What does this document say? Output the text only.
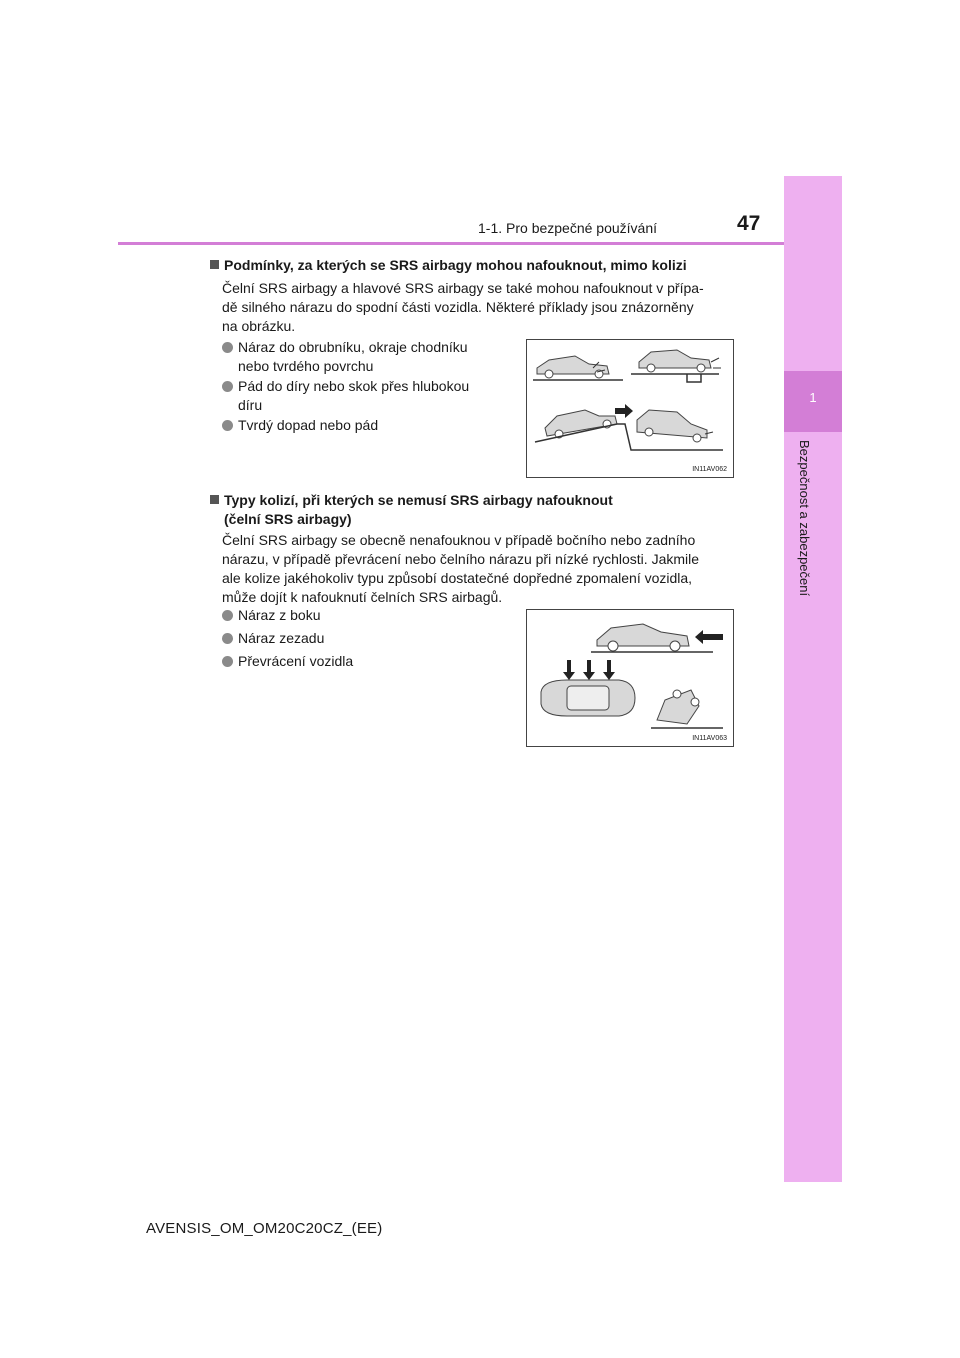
1
Bezpečnost a zabezpečení
1-1. Pro bezpečné používání	47
Podmínky, za kterých se SRS airbagy mohou nafouknout, mimo kolizi
Čelní SRS airbagy a hlavové SRS airbagy se také mohou nafouknout v přípa-
dě silného nárazu do spodní části vozidla. Některé příklady jsou znázorněny
na obrázku.
Náraz do obrubníku, okraje chodníku
nebo tvrdého povrchu
Pád do díry nebo skok přes hlubokou
díru
Tvrdý dopad nebo pád
IN11AV062
Typy kolizí, při kterých se nemusí SRS airbagy nafouknout
(čelní SRS airbagy)
Čelní SRS airbagy se obecně nenafouknou v případě bočního nebo zadního
nárazu, v případě převrácení nebo čelního nárazu při nízké rychlosti. Jakmile
ale kolize jakéhokoliv typu způsobí dostatečné dopředné zpomalení vozidla,
může dojít k nafouknutí čelních SRS airbagů.
Náraz z boku
Náraz zezadu
Převrácení vozidla
IN11AV063
AVENSIS_OM_OM20C20CZ_(EE)
